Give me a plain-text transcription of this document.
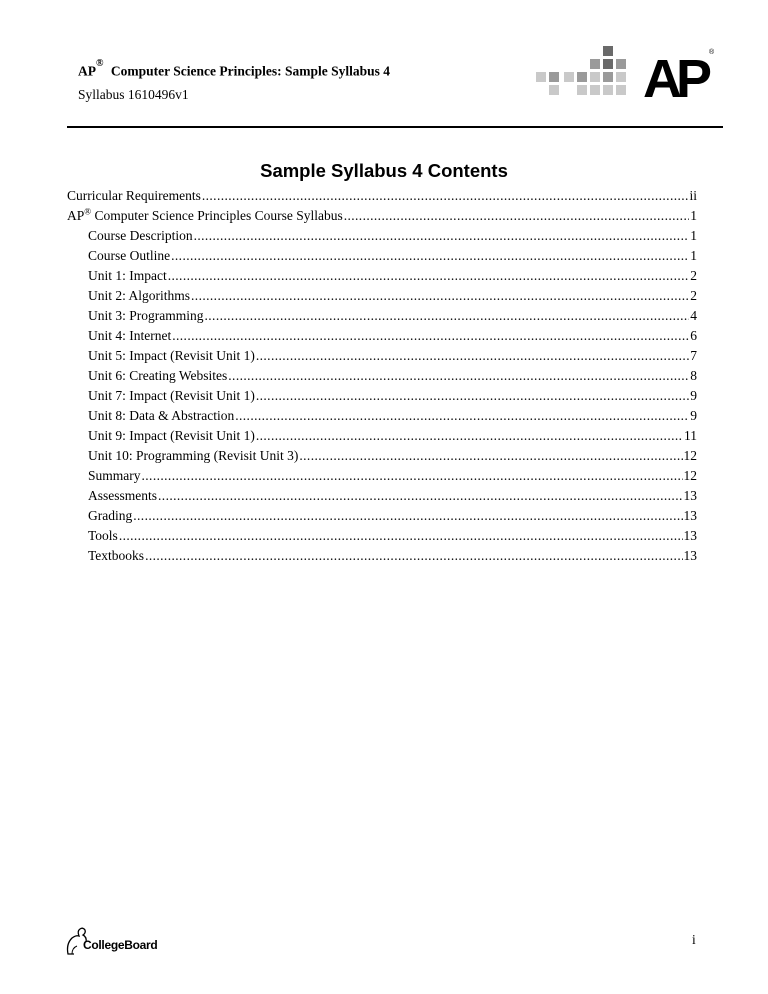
AP® Computer Science Principles: Sample Syllabus 4
Syllabus 1610496v1	AP ®
Sample Syllabus 4 Contents
Curricular Requirements .....	ii
AP® Computer Science Principles Course Syllabus .....	1
Course Description .....	1
Course Outline .....	1
Unit 1: Impact .....	2
Unit 2: Algorithms .....	2
Unit 3: Programming .....	4
Unit 4: Internet .....	6
Unit 5: Impact (Revisit Unit 1) .....	7
Unit 6: Creating Websites .....	8
Unit 7: Impact (Revisit Unit 1) .....	9
Unit 8: Data & Abstraction .....	9
Unit 9: Impact (Revisit Unit 1) .....	11
Unit 10: Programming (Revisit Unit 3) .....	12
Summary .....	12
Assessments .....	13
Grading .....	13
Tools .....	13
Textbooks .....	13
CollegeBoard	i
